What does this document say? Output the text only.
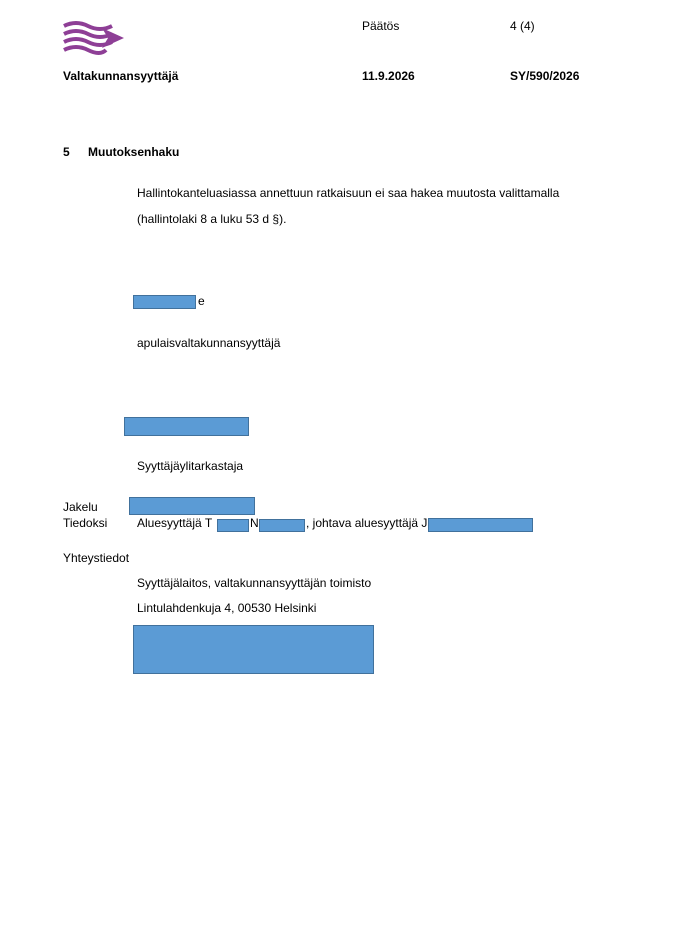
Päätös	4 (4)
Valtakunnansyyttäjä	11.9.2026	SY/590/2026
5 Muutoksenhaku
Hallintokanteluasiassa annettuun ratkaisuun ei saa hakea muutosta valittamalla
(hallintolaki 8 a luku 53 d §).
e
apulaisvaltakunnansyyttäjä
Syyttäjäylitarkastaja
Jakelu
Tiedoksi Aluesyyttäjä T	N	, johtava aluesyyttäjä J
Yhteystiedot
Syyttäjälaitos, valtakunnansyyttäjän toimisto
Lintulahdenkuja 4, 00530 Helsinki
